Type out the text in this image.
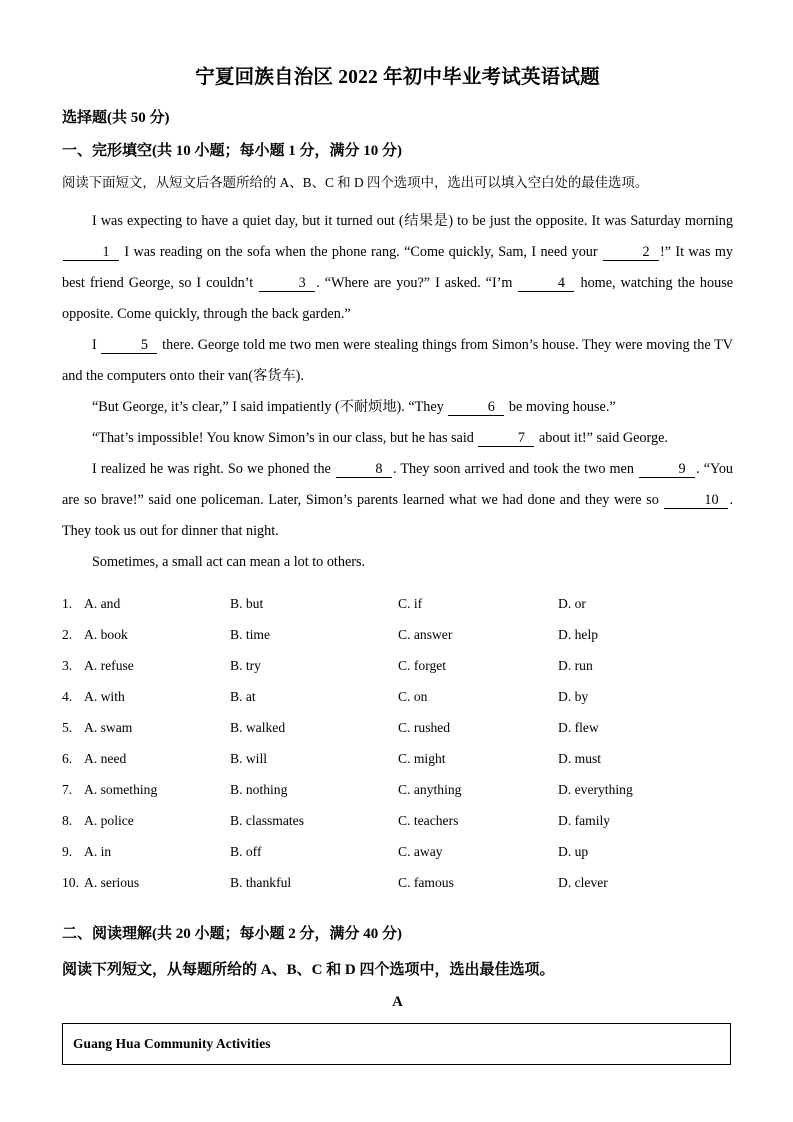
宁夏回族自治区 2022 年初中毕业考试英语试题
选择题(共 50 分)
一、完形填空(共 10 小题；每小题 1 分，满分 10 分)
阅读下面短文，从短文后各题所给的 A、B、C 和 D 四个选项中，选出可以填入空白处的最佳选项。

I was expecting to have a quiet day, but it turned out (结果是) to be just the opposite. It was Saturday morning 1 I was reading on the sofa when the phone rang. “Come quickly, Sam, I need your	2 !” It was my best friend George, so I couldn’t	3 . “Where are you?” I asked. “I’m	4 home, watching the house opposite. Come quickly, through the back garden.”

I	5 there. George told me two men were stealing things from Simon’s house. They were moving the TV and the computers onto their van(客货车).

“But George, it’s clear,” I said impatiently (不耐烦地). “They	6 be moving house.”

“That’s impossible! You know Simon’s in our class, but he has said	7 about it!” said George.

I realized he was right. So we phoned the	8 . They soon arrived and took the two men	9 . “You are so brave!” said one policeman. Later, Simon’s parents learned what we had done and they were so	10 . They took us out for dinner that night.

Sometimes, a small act can mean a lot to others.

1. A. and	B. but	C. if	D. or
2. A. book	B. time	C. answer	D. help
3. A. refuse	B. try	C. forget	D. run
4. A. with	B. at	C. on	D. by
5. A. swam	B. walked	C. rushed	D. flew
6. A. need	B. will	C. might	D. must
7. A. something	B. nothing	C. anything	D. everything
8. A. police	B. classmates	C. teachers	D. family
9. A. in	B. off	C. away	D. up
10. A. serious	B. thankful	C. famous	D. clever
二、阅读理解(共 20 小题；每小题 2 分，满分 40 分)
阅读下列短文，从每题所给的 A、B、C 和 D 四个选项中，选出最佳选项。
A
Guang Hua Community Activities
